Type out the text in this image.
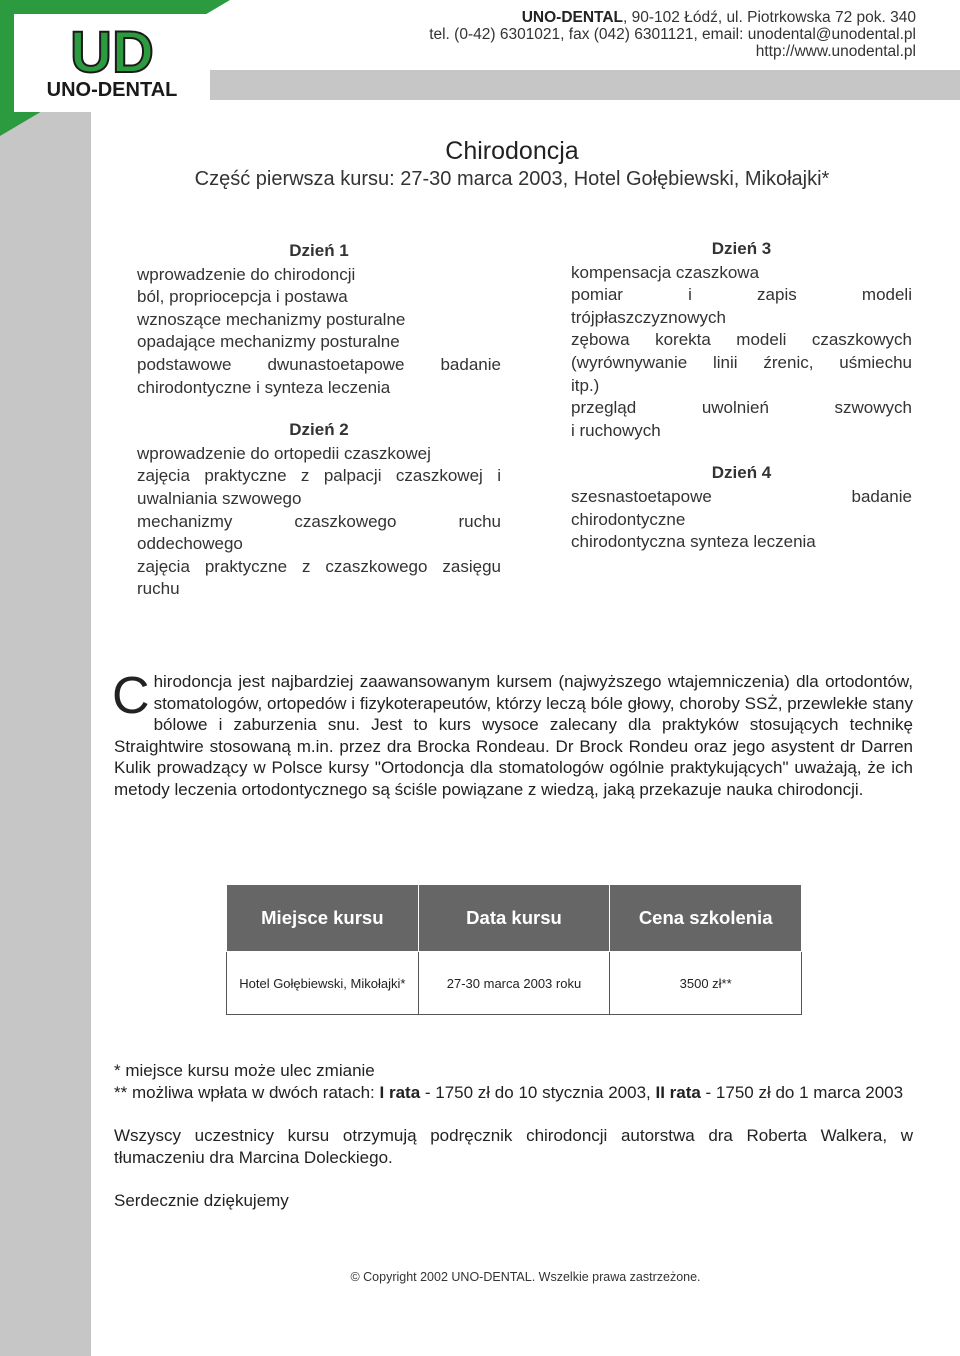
UD
UNO-DENTAL
UNO-DENTAL, 90-102 Łódź, ul. Piotrkowska 72 pok. 340
tel. (0-42) 6301021, fax (042) 6301121, email: unodental@unodental.pl
http://www.unodental.pl
Chirodoncja
Część pierwsza kursu: 27-30 marca 2003, Hotel Gołębiewski, Mikołajki*
Dzień 1
wprowadzenie do chirodoncji
ból, propriocepcja i postawa
wznoszące mechanizmy posturalne
opadające mechanizmy posturalne
podstawowe dwunastoetapowe badanie
chirodontyczne i synteza leczenia
Dzień 2
wprowadzenie do ortopedii czaszkowej
zajęcia praktyczne z palpacji czaszkowej i
uwalniania szwowego
mechanizmy czaszkowego ruchu
oddechowego
zajęcia praktyczne z czaszkowego zasięgu
ruchu
Dzień 3
kompensacja czaszkowa
pomiar i zapis modeli
trójpłaszczyznowych
zębowa korekta modeli czaszkowych
(wyrównywanie linii źrenic, uśmiechu
itp.)
przegląd uwolnień szwowych
i ruchowych
Dzień 4
szesnastoetapowe badanie
chirodontyczne
chirodontyczna synteza leczenia
Chirodoncja jest najbardziej zaawansowanym kursem (najwyższego wtajemniczenia) dla ortodontów, stomatologów, ortopedów i fizykoterapeutów, którzy leczą bóle głowy, choroby SSŻ, przewlekłe stany bólowe i zaburzenia snu. Jest to kurs wysoce zalecany dla praktyków stosujących technikę Straightwire stosowaną m.in. przez dra Brocka Rondeau. Dr Brock Rondeu oraz jego asystent dr Darren Kulik prowadzący w Polsce kursy "Ortodoncja dla stomatologów ogólnie praktykujących" uważają, że ich metody leczenia ortodontycznego są ściśle powiązane z wiedzą, jaką przekazuje nauka chirodoncji.
Miejsce kursu	Data kursu	Cena szkolenia
Hotel Gołębiewski, Mikołajki*	27-30 marca 2003 roku	3500 zł**

* miejsce kursu może ulec zmianie

** możliwa wpłata w dwóch ratach: I rata - 1750 zł do 10 stycznia 2003, II rata - 1750 zł do 1 marca 2003

Wszyscy uczestnicy kursu otrzymują podręcznik chirodoncji autorstwa dra Roberta Walkera, w tłumaczeniu dra Marcina Doleckiego.

Serdecznie dziękujemy

© Copyright 2002 UNO-DENTAL. Wszelkie prawa zastrzeżone.
